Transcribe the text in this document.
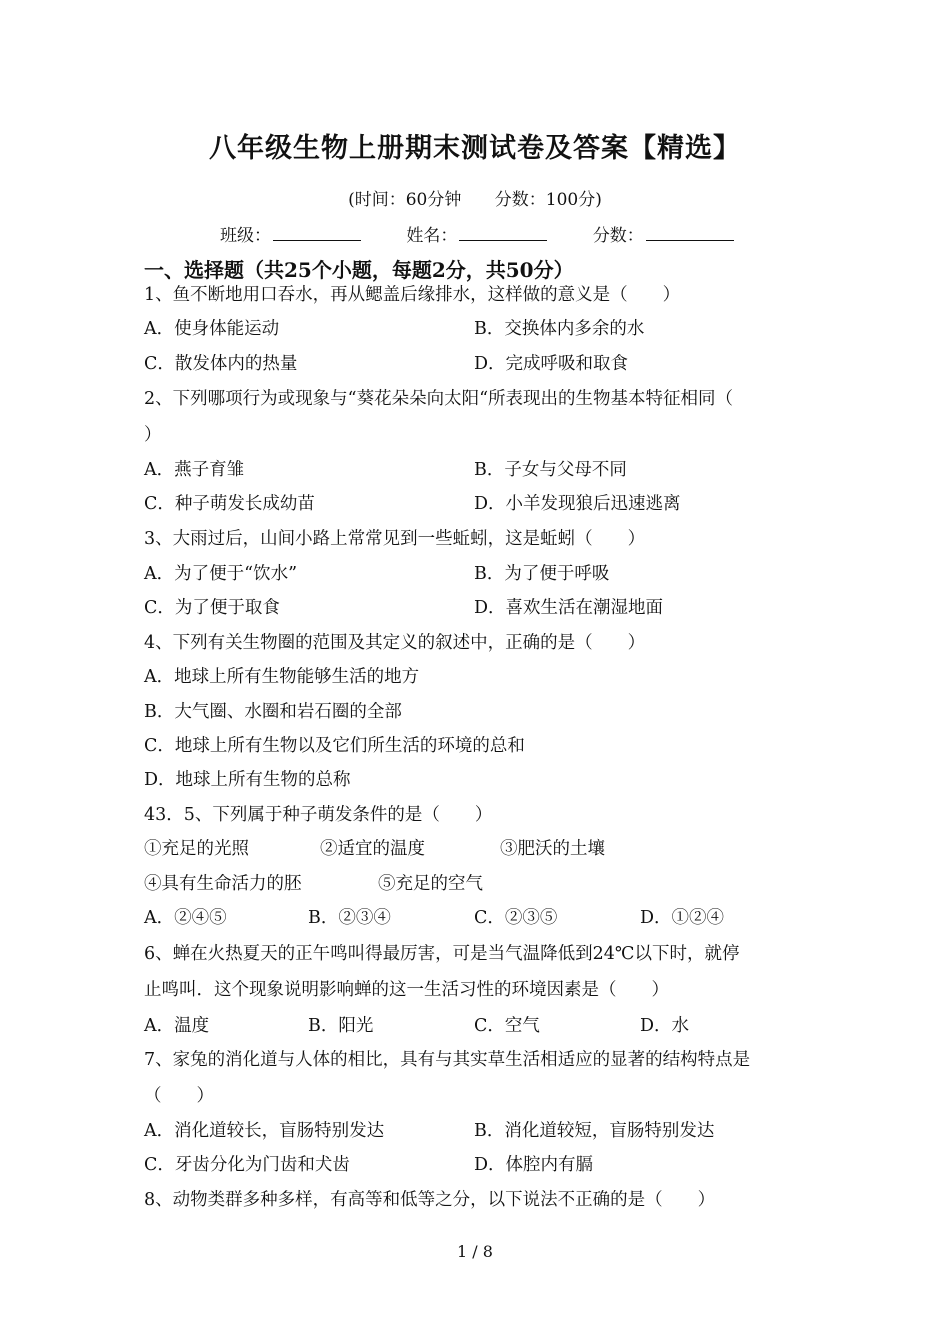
八年级生物上册期末测试卷及答案【精选】
(时间：60分钟 分数：100分)
班级：	姓名：	分数：
一、选择题（共25个小题，每题2分，共50分）
1、鱼不断地用口吞水，再从鳃盖后缘排水，这样做的意义是（　　）
A．使身体能运动	B．交换体内多余的水
C．散发体内的热量	D．完成呼吸和取食
2、下列哪项行为或现象与“葵花朵朵向太阳“所表现出的生物基本特征相同（
）
A．燕子育雏	B．子女与父母不同
C．种子萌发长成幼苗	D．小羊发现狼后迅速逃离
3、大雨过后，山间小路上常常见到一些蚯蚓，这是蚯蚓（　　）
A．为了便于“饮水”	B．为了便于呼吸
C．为了便于取食	D．喜欢生活在潮湿地面
4、下列有关生物圈的范围及其定义的叙述中，正确的是（　　）
A．地球上所有生物能够生活的地方
B．大气圈、水圈和岩石圈的全部
C．地球上所有生物以及它们所生活的环境的总和
D．地球上所有生物的总称
43．5、下列属于种子萌发条件的是（　　）
①充足的光照	②适宜的温度	③肥沃的土壤
④具有生命活力的胚	⑤充足的空气
A．②④⑤	B．②③④	C．②③⑤	D．①②④
6、蝉在火热夏天的正午鸣叫得最厉害，可是当气温降低到24℃以下时，就停
止鸣叫．这个现象说明影响蝉的这一生活习性的环境因素是（　　）
A．温度	B．阳光	C．空气	D．水
7、家兔的消化道与人体的相比，具有与其实草生活相适应的显著的结构特点是
（　　）
A．消化道较长，盲肠特别发达	B．消化道较短，盲肠特别发达
C．牙齿分化为门齿和犬齿	D．体腔内有膈
8、动物类群多种多样，有高等和低等之分，以下说法不正确的是（　　）
1 / 8
